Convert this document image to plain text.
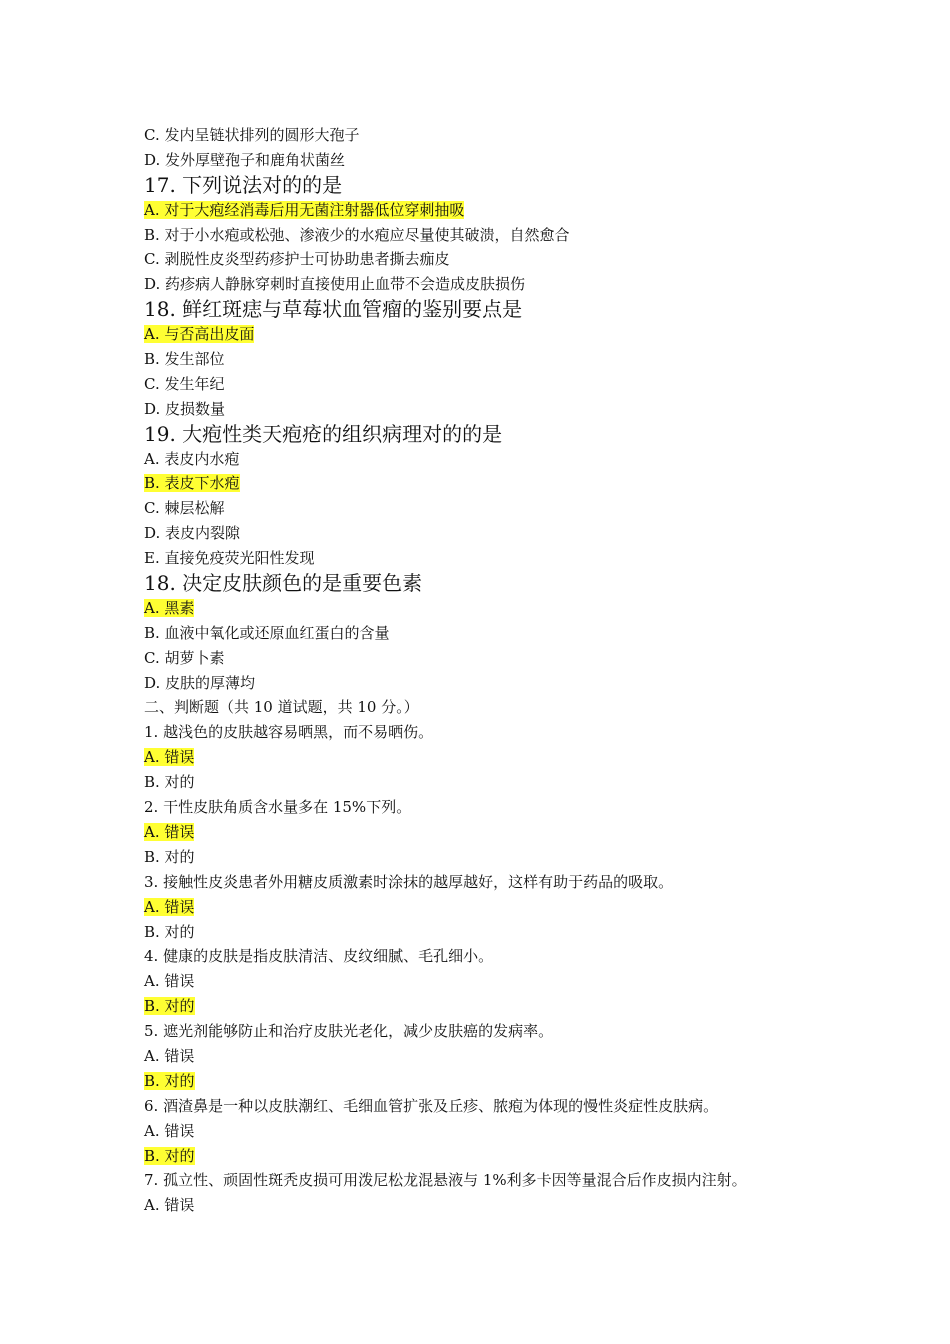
C. 发内呈链状排列的圆形大孢子
D. 发外厚壁孢子和鹿角状菌丝
17. 下列说法对的的是
A. 对于大疱经消毒后用无菌注射器低位穿刺抽吸
B. 对于小水疱或松弛、渗液少的水疱应尽量使其破溃，自然愈合
C. 剥脱性皮炎型药疹护士可协助患者撕去痂皮
D. 药疹病人静脉穿刺时直接使用止血带不会造成皮肤损伤
18. 鲜红斑痣与草莓状血管瘤的鉴别要点是
A. 与否高出皮面
B. 发生部位
C. 发生年纪
D. 皮损数量
19. 大疱性类天疱疮的组织病理对的的是
A. 表皮内水疱
B. 表皮下水疱
C. 棘层松解
D. 表皮内裂隙
E. 直接免疫荧光阳性发现
18. 决定皮肤颜色的是重要色素
A. 黑素
B. 血液中氧化或还原血红蛋白的含量
C. 胡萝卜素
D. 皮肤的厚薄均
二、判断题（共 10 道试题，共 10 分。）
1. 越浅色的皮肤越容易晒黑，而不易晒伤。
A. 错误
B. 对的
2. 干性皮肤角质含水量多在 15%下列。
A. 错误
B. 对的
3. 接触性皮炎患者外用糖皮质激素时涂抹的越厚越好，这样有助于药品的吸取。
A. 错误
B. 对的
4. 健康的皮肤是指皮肤清洁、皮纹细腻、毛孔细小。
A. 错误
B. 对的
5. 遮光剂能够防止和治疗皮肤光老化，减少皮肤癌的发病率。
A. 错误
B. 对的
6. 酒渣鼻是一种以皮肤潮红、毛细血管扩张及丘疹、脓疱为体现的慢性炎症性皮肤病。
A. 错误
B. 对的
7. 孤立性、顽固性斑秃皮损可用泼尼松龙混悬液与 1%利多卡因等量混合后作皮损内注射。
A. 错误
